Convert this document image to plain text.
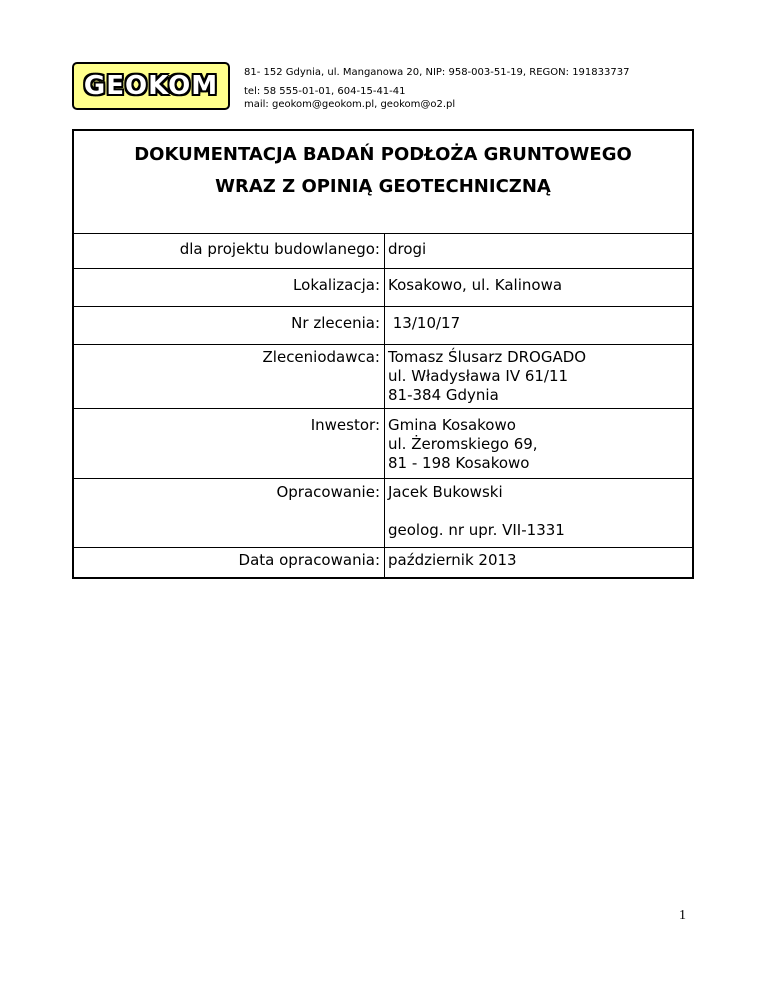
GEOKOM	81- 152 Gdynia, ul. Manganowa 20, NIP: 958-003-51-19, REGON: 191833737
tel: 58 555-01-01, 604-15-41-41
mail: geokom@geokom.pl, geokom@o2.pl
DOKUMENTACJA BADAŃ PODŁOŻA GRUNTOWEGO
WRAZ Z OPINIĄ GEOTECHNICZNĄ
dla projektu budowlanego: drogi
Lokalizacja: Kosakowo, ul. Kalinowa
Nr zlecenia: 13/10/17
Zleceniodawca: Tomasz Ślusarz DROGADO
ul. Władysława IV 61/11
81-384 Gdynia
Inwestor: Gmina Kosakowo
ul. Żeromskiego 69,
81 - 198 Kosakowo
Opracowanie: Jacek Bukowski
geolog. nr upr. VII-1331
Data opracowania: październik 2013
1
